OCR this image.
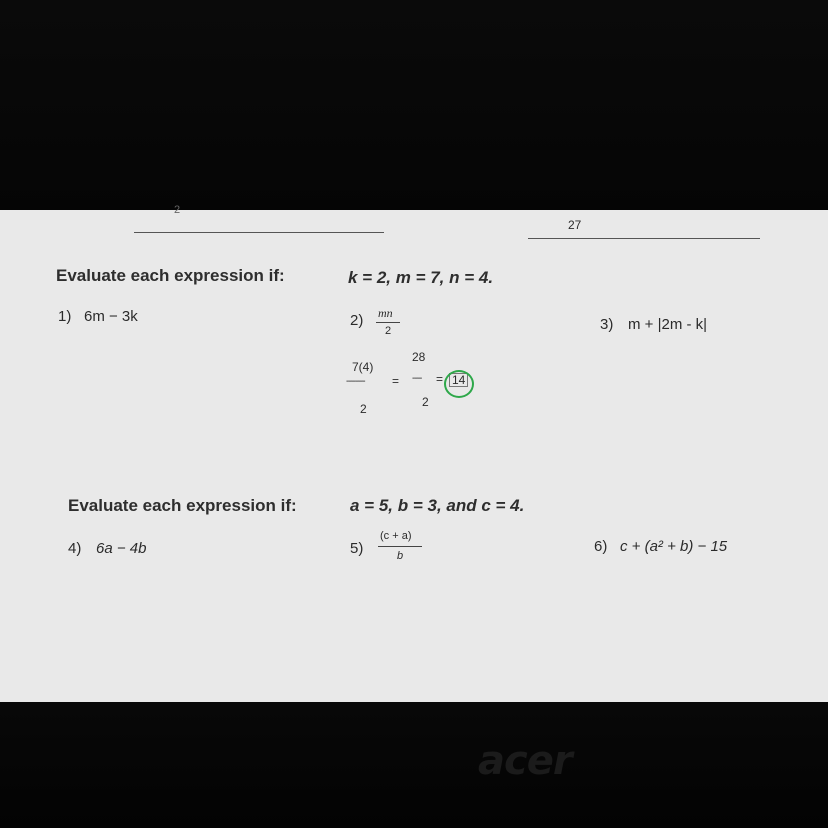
2
27
Evaluate each expression if:	k = 2, m = 7, n = 4.
1) 6m − 3k	2) mn
2	3) m + |2m - k|
7(4)
--------
2
=
28
----
2
= 14
Evaluate each expression if:	a = 5, b = 3, and c = 4.
4) 6a − 4b	5)
(c + a)
b
6) c + (a² + b) − 15
acer
